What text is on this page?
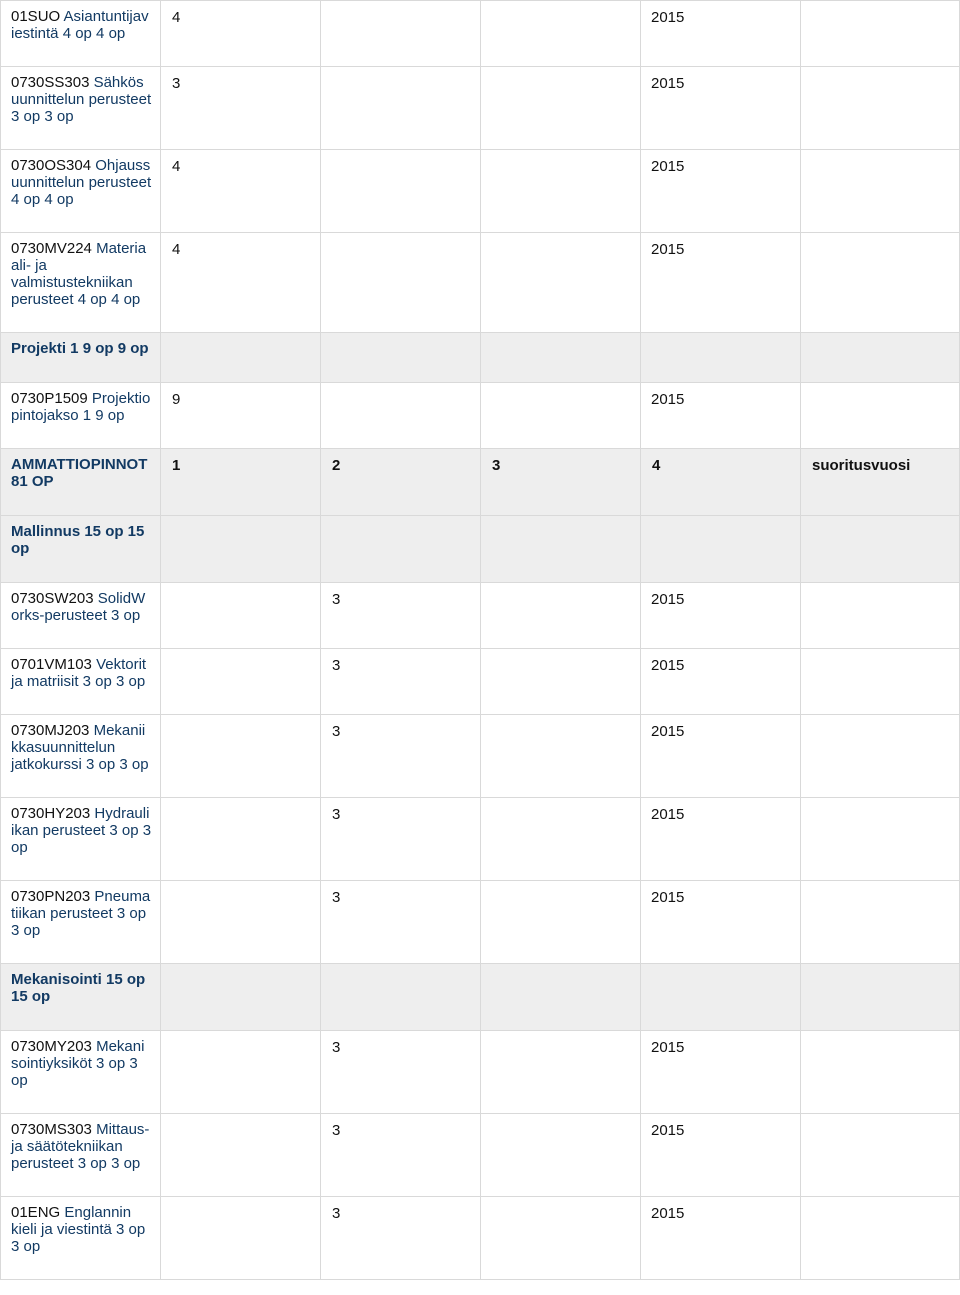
01SUO Asiantuntijav iestintä 4 op 4 op	4			2015	

0730SS303 Sähkös uunnittelun perusteet 3 op 3 op	3			2015	

0730OS304 Ohjauss uunnittelun perusteet 4 op 4 op	4			2015	

0730MV224 Materia ali- ja valmistustekniikan perusteet 4 op 4 op	4			2015	

Projekti 1 9 op 9 op					
0730P1509 Projektio pintojakso 1 9 op	9			2015	

AMMATTIOPINNOT 81 OP	1	2	3	4	suoritusvuosi

Mallinnus 15 op 15 op					
0730SW203 SolidW orks-perusteet 3 op		3		2015	

0701VM103 Vektorit ja matriisit 3 op 3 op		3		2015	

0730MJ203 Mekanii kkasuunnittelun jatkokurssi 3 op 3 op		3		2015	

0730HY203 Hydrauli ikan perusteet 3 op 3 op		3		2015	

0730PN203 Pneuma tiikan perusteet 3 op 3 op		3		2015	

Mekanisointi 15 op 15 op					
0730MY203 Mekani sointiyksiköt 3 op 3 op		3		2015	

0730MS303 Mittaus- ja säätötekniikan perusteet 3 op 3 op		3		2015	

01ENG Englannin kieli ja viestintä 3 op 3 op		3		2015	
